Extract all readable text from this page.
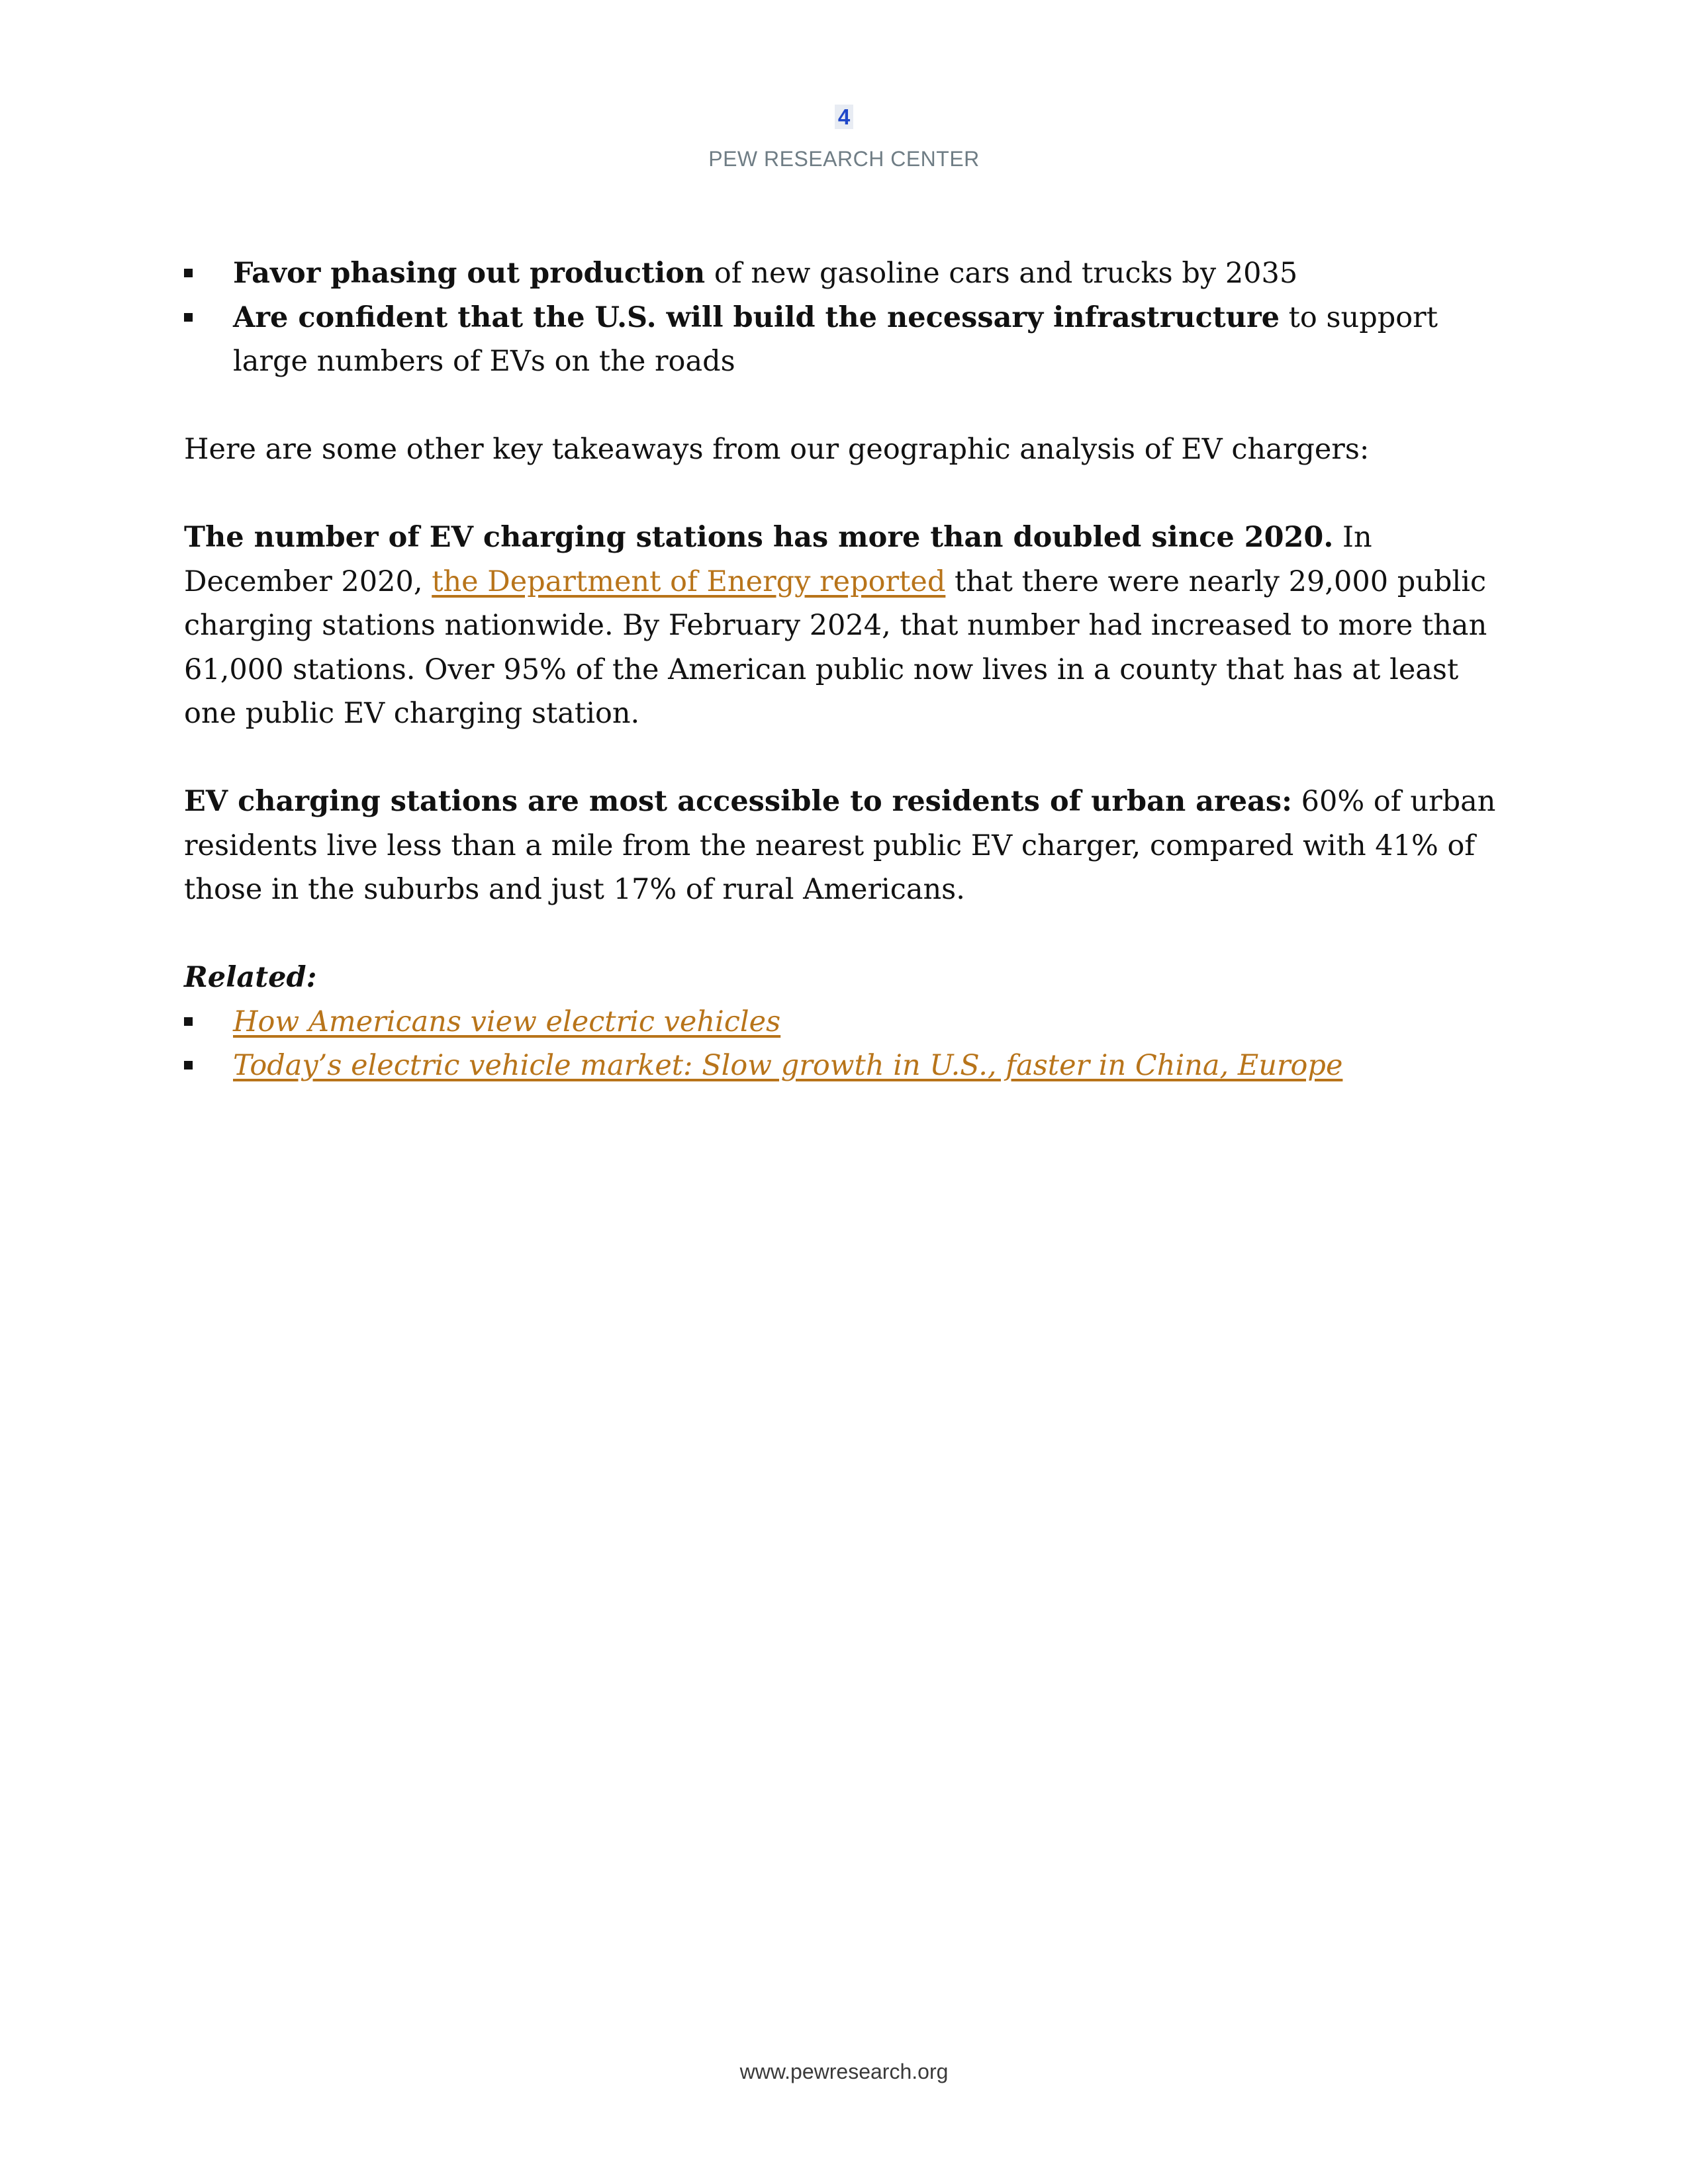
4
PEW RESEARCH CENTER
Favor phasing out production of new gasoline cars and trucks by 2035
Are confident that the U.S. will build the necessary infrastructure to support large numbers of EVs on the roads

Here are some other key takeaways from our geographic analysis of EV chargers:

The number of EV charging stations has more than doubled since 2020. In December 2020, the Department of Energy reported that there were nearly 29,000 public charging stations nationwide. By February 2024, that number had increased to more than 61,000 stations. Over 95% of the American public now lives in a county that has at least one public EV charging station.

EV charging stations are most accessible to residents of urban areas: 60% of urban residents live less than a mile from the nearest public EV charger, compared with 41% of those in the suburbs and just 17% of rural Americans.

Related:
How Americans view electric vehicles
Today’s electric vehicle market: Slow growth in U.S., faster in China, Europe
www.pewresearch.org
